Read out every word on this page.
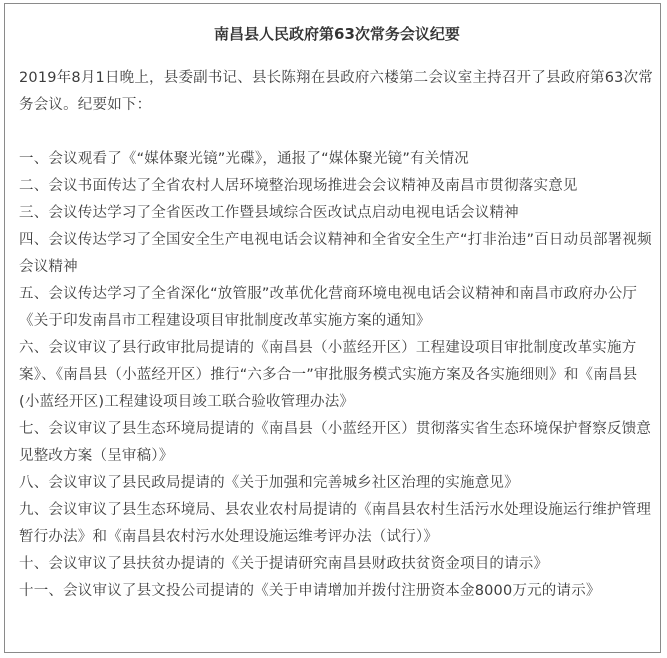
南昌县人民政府第63次常务会议纪要

2019年8月1日晚上，县委副书记、县长陈翔在县政府六楼第二会议室主持召开了县政府第63次常务会议。纪要如下：

一、会议观看了《“媒体聚光镜”光碟》，通报了“媒体聚光镜”有关情况

二、会议书面传达了全省农村人居环境整治现场推进会会议精神及南昌市贯彻落实意见

三、会议传达学习了全省医改工作暨县域综合医改试点启动电视电话会议精神

四、会议传达学习了全国安全生产电视电话会议精神和全省安全生产“打非治违”百日动员部署视频会议精神

五、会议传达学习了全省深化“放管服”改革优化营商环境电视电话会议精神和南昌市政府办公厅《关于印发南昌市工程建设项目审批制度改革实施方案的通知》

六、会议审议了县行政审批局提请的《南昌县（小蓝经开区）工程建设项目审批制度改革实施方案》、《南昌县（小蓝经开区）推行“六多合一”审批服务模式实施方案及各实施细则》和《南昌县(小蓝经开区)工程建设项目竣工联合验收管理办法》

七、会议审议了县生态环境局提请的《南昌县（小蓝经开区）贯彻落实省生态环境保护督察反馈意见整改方案（呈审稿）》

八、会议审议了县民政局提请的《关于加强和完善城乡社区治理的实施意见》

九、会议审议了县生态环境局、县农业农村局提请的《南昌县农村生活污水处理设施运行维护管理暂行办法》和《南昌县农村污水处理设施运维考评办法（试行）》

十、会议审议了县扶贫办提请的《关于提请研究南昌县财政扶贫资金项目的请示》

十一、会议审议了县文投公司提请的《关于申请增加并拨付注册资本金8000万元的请示》
